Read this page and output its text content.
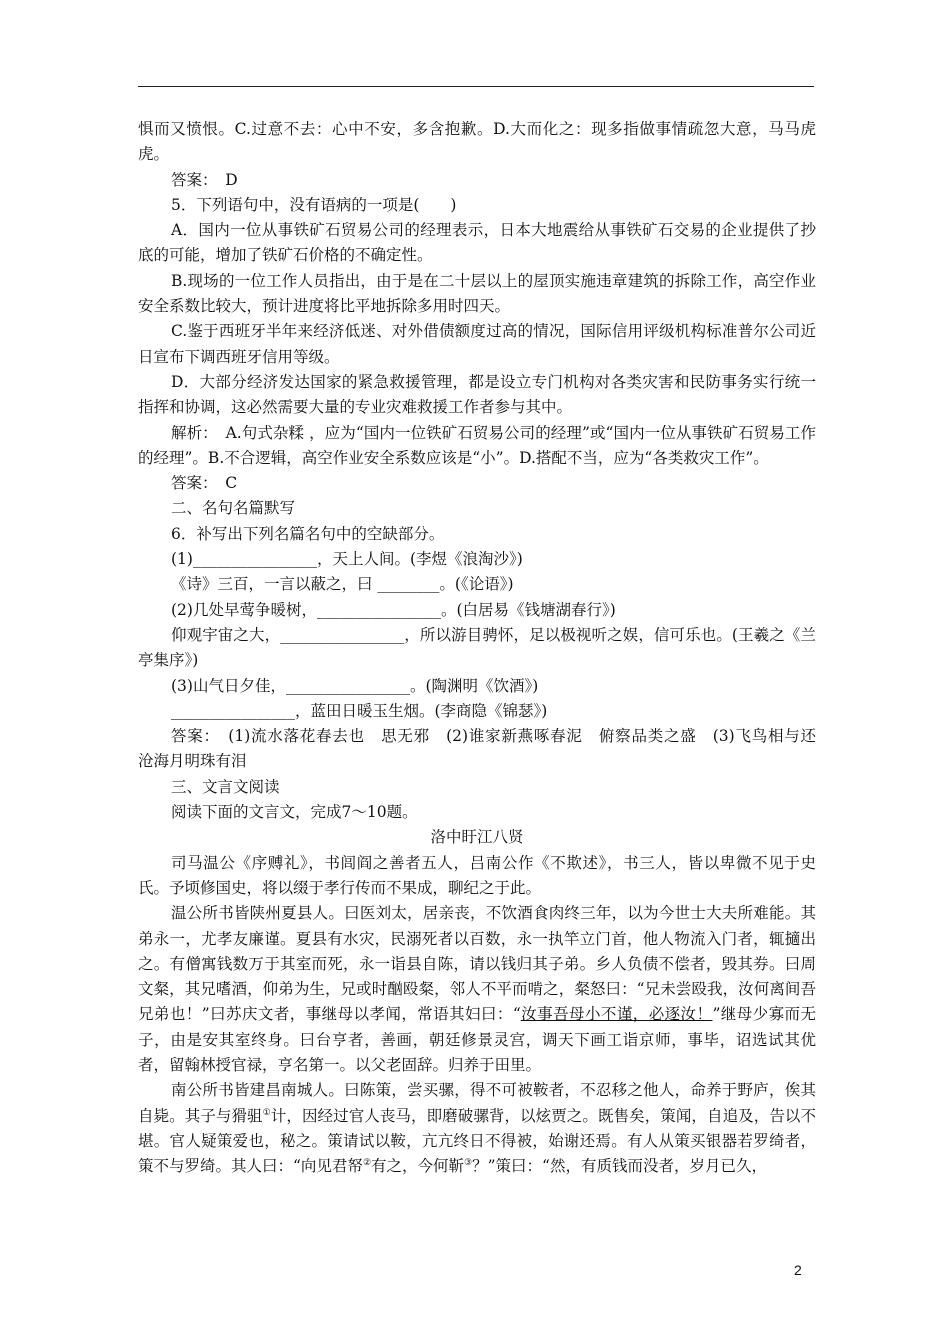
惧而又愤恨。C.过意不去：心中不安，多含抱歉。D.大而化之：现多指做事情疏忽大意，马马虎虎。

答案：　D

5．下列语句中，没有语病的一项是(　　)

A．国内一位从事铁矿石贸易公司的经理表示，日本大地震给从事铁矿石交易的企业提供了抄底的可能，增加了铁矿石价格的不确定性。

B.现场的一位工作人员指出，由于是在二十层以上的屋顶实施违章建筑的拆除工作，高空作业安全系数比较大，预计进度将比平地拆除多用时四天。

C.鉴于西班牙半年来经济低迷、对外借债额度过高的情况，国际信用评级机构标准普尔公司近日宣布下调西班牙信用等级。

D．大部分经济发达国家的紧急救援管理，都是设立专门机构对各类灾害和民防事务实行统一指挥和协调，这必然需要大量的专业灾难救援工作者参与其中。

解析：　A.句式杂糅 ，应为“国内一位铁矿石贸易公司的经理”或“国内一位从事铁矿石贸易工作的经理”。B.不合逻辑，高空作业安全系数应该是“小”。D.搭配不当，应为“各类救灾工作”。

答案：　C

二、名句名篇默写

6．补写出下列名篇名句中的空缺部分。

(1)________________，天上人间。(李煜《浪淘沙》)

《诗》三百，一言以蔽之，曰 ________。(《论语》)

(2)几处早莺争暖树，________________。(白居易《钱塘湖春行》)

仰观宇宙之大，________________，所以游目骋怀，足以极视听之娱，信可乐也。(王羲之《兰亭集序》)

(3)山气日夕佳，________________。(陶渊明《饮酒》)

________________，蓝田日暖玉生烟。(李商隐《锦瑟》)

答案：　(1)流水落花春去也　思无邪　(2)谁家新燕啄春泥　俯察品类之盛　(3)飞鸟相与还　沧海月明珠有泪

三、文言文阅读

阅读下面的文言文，完成7～10题。

洛中盱江八贤

司马温公《序赙礼》，书闾阎之善者五人，吕南公作《不欺述》，书三人，皆以卑微不见于史氏。予顷修国史，将以缀于孝行传而不果成，聊纪之于此。

温公所书皆陕州夏县人。曰医刘太，居亲丧，不饮酒食肉终三年，以为今世士大夫所难能。其弟永一，尤孝友廉谨。夏县有水灾，民溺死者以百数，永一执竿立门首，他人物流入门者，辄擿出之。有僧寓钱数万于其室而死，永一诣县自陈，请以钱归其子弟。乡人负债不偿者，毁其券。曰周文粲，其兄嗜酒，仰弟为生，兄或时酗殴粲，邻人不平而啃之，粲怒曰：“兄未尝殴我，汝何离间吾兄弟也！”曰苏庆文者，事继母以孝闻，常语其妇曰：“汝事吾母小不谨，必逐汝！”继母少寡而无子，由是安其室终身。曰台亨者，善画，朝廷修景灵宫，调天下画工诣京师，事毕，诏选试其优者，留翰林授官禄，亨名第一。以父老固辞。归养于田里。

南公所书皆建昌南城人。曰陈策，尝买骡，得不可被鞍者，不忍移之他人，命养于野庐，俟其自毙。其子与猾驵①计，因经过官人丧马，即磨破骡背，以炫贾之。既售矣，策闻，自追及，告以不堪。官人疑策爱也，秘之。策请试以鞍，亢亢终日不得被，始谢还焉。有人从策买银器若罗绮者，策不与罗绮。其人曰：“向见君帑②有之，今何靳③？”策曰：“然，有质钱而没者，岁月已久，

2
